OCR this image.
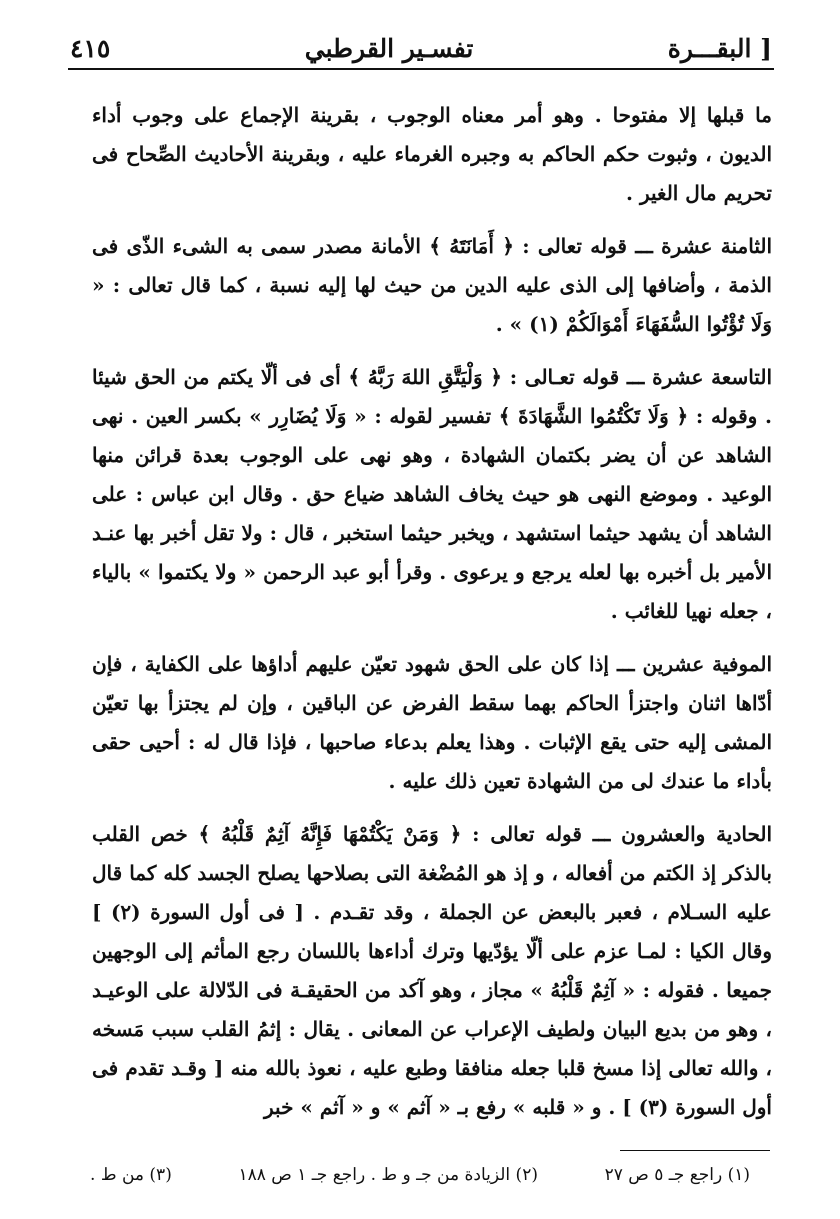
البقـــرة ]
تفسـير القرطبي
٤١٥

ما قبلها إلا مفتوحا . وهو أمر معناه الوجوب ، بقرينة الإجماع على وجوب أداء الديون ، وثبوت حكم الحاكم به وجبره الغرماء عليه ، وبقرينة الأحاديث الصِّحاح فى تحريم مال الغير .

الثامنة عشرة ـــ قوله تعالى : ﴿ أَمَانَتَهُ ﴾ الأمانة مصدر سمى به الشىء الذّى فى الذمة ، وأضافها إلى الذى عليه الدين من حيث لها إليه نسبة ، كما قال تعالى : « وَلَا تُؤْتُوا السُّفَهَاءَ أَمْوَالَكُمْ (١) » .

التاسعة عشرة ـــ قوله تعـالى : ﴿ وَلْيَتَّقِ اللهَ رَبَّهُ ﴾ أى فى ألّا يكتم من الحق شيئا . وقوله : ﴿ وَلَا تَكْتُمُوا الشَّهَادَةَ ﴾ تفسير لقوله : « وَلَا يُضَارِر » بكسر العين . نهى الشاهد عن أن يضر بكتمان الشهادة ، وهو نهى على الوجوب بعدة قرائن منها الوعيد . وموضع النهى هو حيث يخاف الشاهد ضياع حق . وقال ابن عباس : على الشاهد أن يشهد حيثما استشهد ، ويخبر حيثما استخبر ، قال : ولا تقل أخبر بها عنـد الأمير بل أخبره بها لعله يرجع و يرعوى . وقرأ أبو عبد الرحمن « ولا يكتموا » بالياء ، جعله نهيا للغائب .

الموفية عشرين ـــ إذا كان على الحق شهود تعيّن عليهم أداؤها على الكفاية ، فإن أدّاها اثنان واجتزأ الحاكم بهما سقط الفرض عن الباقين ، وإن لم يجتزأ بها تعيّن المشى إليه حتى يقع الإثبات . وهذا يعلم بدعاء صاحبها ، فإذا قال له : أحيى حقى بأداء ما عندك لى من الشهادة تعين ذلك عليه .

الحادية والعشرون ـــ قوله تعالى : ﴿ وَمَنْ يَكْتُمْهَا فَإِنَّهُ آثِمٌ قَلْبُهُ ﴾ خص القلب بالذكر إذ الكتم من أفعاله ، و إذ هو المُضْغة التى بصلاحها يصلح الجسد كله كما قال عليه السـلام ، فعبر بالبعض عن الجملة ، وقد تقـدم . [ فى أول السورة (٢) ] وقال الكيا : لمـا عزم على ألّا يؤدّيها وترك أداءها باللسان رجع المأثم إلى الوجهين جميعا . فقوله : « آثِمٌ قَلْبُهُ » مجاز ، وهو آكد من الحقيقـة فى الدّلالة على الوعيـد ، وهو من بديع البيان ولطيف الإعراب عن المعانى . يقال : إثمُ القلب سبب مَسخه ، والله تعالى إذا مسخ قلبا جعله منافقا وطبع عليه ، نعوذ بالله منه [ وقـد تقدم فى أول السورة (٣) ] . و « قلبه » رفع بـ « آثم » و « آثم » خبر

(١) راجع جـ ٥ ص ٢٧
(٢) الزيادة من جـ و ط . راجع جـ ١ ص ١٨٨
(٣) من ط .
